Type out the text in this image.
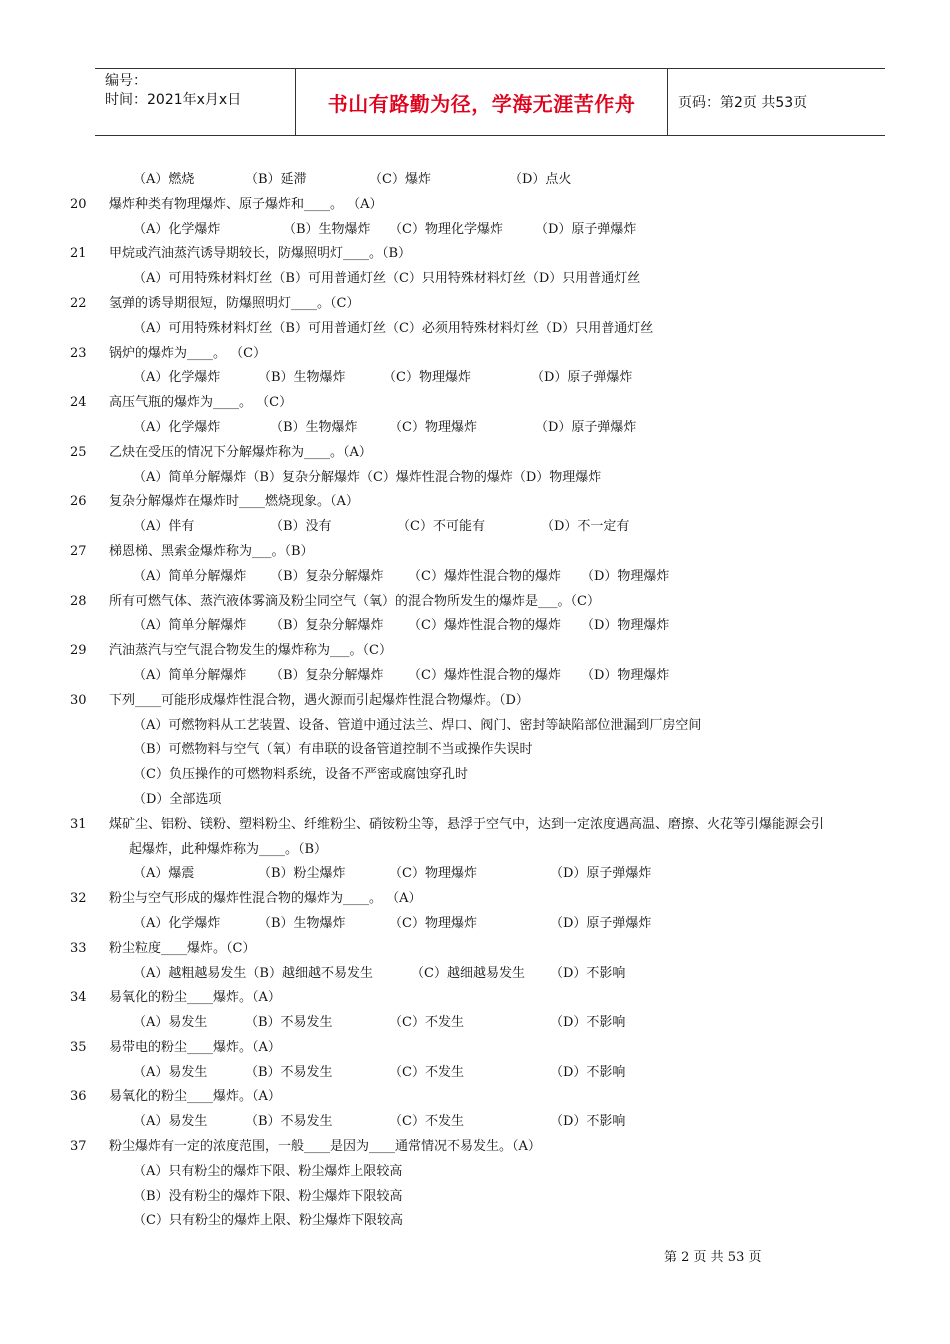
编号：
时间：2021年x月x日	书山有路勤为径，学海无涯苦作舟	页码：第2页 共53页
（A）燃烧	（B）延滞	（C）爆炸	（D）点火
20	爆炸种类有物理爆炸、原子爆炸和____。 （A）
（A）化学爆炸	（B）生物爆炸 （C）物理化学爆炸 （D）原子弹爆炸
21	甲烷或汽油蒸汽诱导期较长，防爆照明灯____。（B）
（A）可用特殊材料灯丝（B）可用普通灯丝（C）只用特殊材料灯丝（D）只用普通灯丝
22	氢弹的诱导期很短，防爆照明灯____。（C）
（A）可用特殊材料灯丝（B）可用普通灯丝（C）必须用特殊材料灯丝（D）只用普通灯丝
23	锅炉的爆炸为____。 （C）
（A）化学爆炸	（B）生物爆炸	（C）物理爆炸	（D）原子弹爆炸
24	高压气瓶的爆炸为____。 （C）
（A）化学爆炸	（B）生物爆炸 （C）物理爆炸	（D）原子弹爆炸
25	乙炔在受压的情况下分解爆炸称为____。（A）
（A）简单分解爆炸（B）复杂分解爆炸（C）爆炸性混合物的爆炸（D）物理爆炸
26	复杂分解爆炸在爆炸时____燃烧现象。（A）
（A）伴有	（B）没有	（C）不可能有	（D）不一定有
27	梯恩梯、黑索金爆炸称为___。（B）
（A）简单分解爆炸 （B）复杂分解爆炸 （C）爆炸性混合物的爆炸 （D）物理爆炸
28	所有可燃气体、蒸汽液体雾滴及粉尘同空气（氧）的混合物所发生的爆炸是___。（C）
（A）简单分解爆炸 （B）复杂分解爆炸 （C）爆炸性混合物的爆炸 （D）物理爆炸
29	汽油蒸汽与空气混合物发生的爆炸称为___。（C）
（A）简单分解爆炸 （B）复杂分解爆炸 （C）爆炸性混合物的爆炸 （D）物理爆炸
30	下列____可能形成爆炸性混合物，遇火源而引起爆炸性混合物爆炸。（D）
（A）可燃物料从工艺装置、设备、管道中通过法兰、焊口、阀门、密封等缺陷部位泄漏到厂房空间
（B）可燃物料与空气（氧）有串联的设备管道控制不当或操作失误时
（C）负压操作的可燃物料系统，设备不严密或腐蚀穿孔时
（D）全部选项
31	煤矿尘、铝粉、镁粉、塑料粉尘、纤维粉尘、硝铵粉尘等，悬浮于空气中，达到一定浓度遇高温、磨擦、火花等引爆能源会引
起爆炸，此种爆炸称为____。（B）
（A）爆震	（B）粉尘爆炸	（C）物理爆炸	（D）原子弹爆炸
32	粉尘与空气形成的爆炸性混合物的爆炸为____。 （A）
（A）化学爆炸	（B）生物爆炸	（C）物理爆炸	（D）原子弹爆炸
33	粉尘粒度____爆炸。（C）
（A）越粗越易发生（B）越细越不易发生	（C）越细越易发生 （D）不影响
34	易氧化的粉尘____爆炸。（A）
（A）易发生	（B）不易发生	（C）不发生	（D）不影响
35	易带电的粉尘____爆炸。（A）
（A）易发生	（B）不易发生	（C）不发生	（D）不影响
36	易氧化的粉尘____爆炸。（A）
（A）易发生	（B）不易发生	（C）不发生	（D）不影响
37	粉尘爆炸有一定的浓度范围，一般____是因为____通常情况不易发生。（A）
（A）只有粉尘的爆炸下限、粉尘爆炸上限较高
（B）没有粉尘的爆炸下限、粉尘爆炸下限较高
（C）只有粉尘的爆炸上限、粉尘爆炸下限较高
第 2 页 共 53 页
